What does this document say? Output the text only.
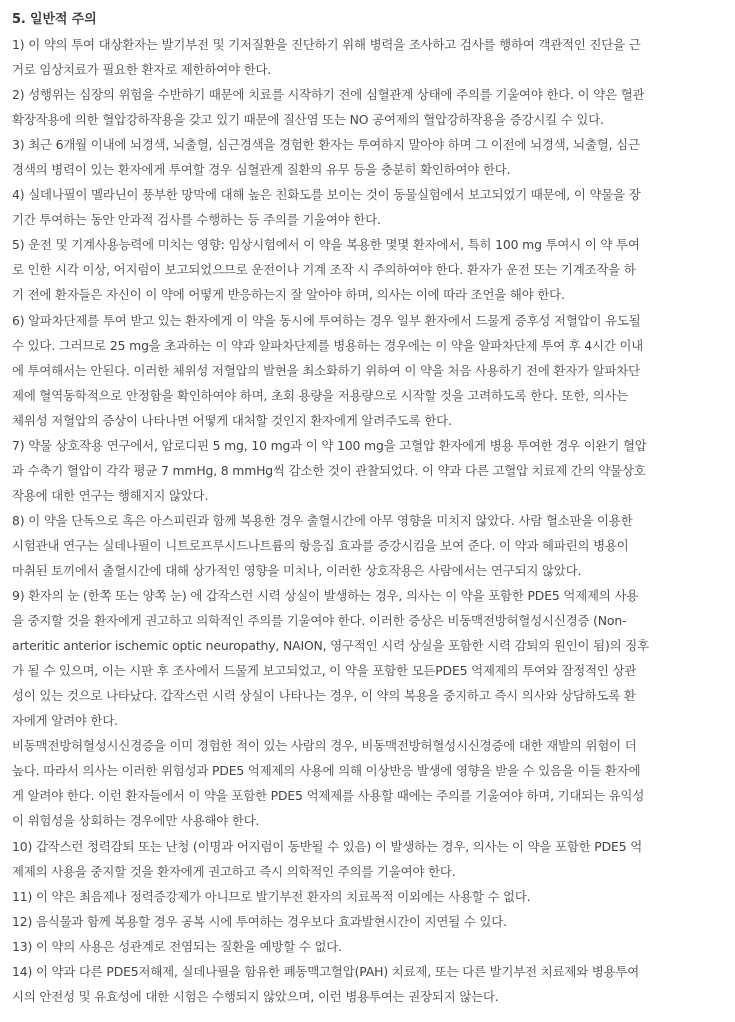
5. 일반적 주의
1) 이 약의 투여 대상환자는 발기부전 및 기저질환을 진단하기 위해 병력을 조사하고 검사를 행하여 객관적인 진단을 근
거로 임상치료가 필요한 환자로 제한하여야 한다.
2) 성행위는 심장의 위험을 수반하기 때문에 치료를 시작하기 전에 심혈관계 상태에 주의를 기울여야 한다. 이 약은 혈관
확장작용에 의한 혈압강하작용을 갖고 있기 때문에 질산염 또는 NO 공여제의 혈압강하작용을 증강시킬 수 있다.
3) 최근 6개월 이내에 뇌경색, 뇌출혈, 심근경색을 경험한 환자는 투여하지 말아야 하며 그 이전에 뇌경색, 뇌출혈, 심근
경색의 병력이 있는 환자에게 투여할 경우 심혈관계 질환의 유무 등을 충분히 확인하여야 한다.
4) 실데나필이 멜라닌이 풍부한 망막에 대해 높은 친화도를 보이는 것이 동물실험에서 보고되었기 때문에, 이 약물을 장
기간 투여하는 동안 안과적 검사를 수행하는 등 주의를 기울여야 한다.
5) 운전 및 기계사용능력에 미치는 영향: 임상시험에서 이 약을 복용한 몇몇 환자에서, 특히 100 mg 투여시 이 약 투여
로 인한 시각 이상, 어지럼이 보고되었으므로 운전이나 기계 조작 시 주의하여야 한다. 환자가 운전 또는 기계조작을 하
기 전에 환자들은 자신이 이 약에 어떻게 반응하는지 잘 알아야 하며, 의사는 이에 따라 조언을 해야 한다.
6) 알파차단제를 투여 받고 있는 환자에게 이 약을 동시에 투여하는 경우 일부 환자에서 드물게 증후성 저혈압이 유도될
수 있다. 그러므로 25 mg을 초과하는 이 약과 알파차단제를 병용하는 경우에는 이 약을 알파차단제 투여 후 4시간 이내
에 투여해서는 안된다. 이러한 체위성 저혈압의 발현을 최소화하기 위하여 이 약을 처음 사용하기 전에 환자가 알파차단
제에 혈역동학적으로 안정함을 확인하여야 하며, 초회 용량을 저용량으로 시작할 것을 고려하도록 한다. 또한, 의사는
체위성 저혈압의 증상이 나타나면 어떻게 대처할 것인지 환자에게 알려주도록 한다.
7) 약물 상호작용 연구에서, 암로디핀 5 mg, 10 mg과 이 약 100 mg을 고혈압 환자에게 병용 투여한 경우 이완기 혈압
과 수축기 혈압이 각각 평균 7 mmHg, 8 mmHg씩 감소한 것이 관찰되었다. 이 약과 다른 고혈압 치료제 간의 약물상호
작용에 대한 연구는 행해지지 않았다.
8) 이 약을 단독으로 혹은 아스피린과 함께 복용한 경우 출혈시간에 아무 영향을 미치지 않았다. 사람 혈소판을 이용한
시험관내 연구는 실데나필이 니트로프루시드나트륨의 항응집 효과를 증강시킴을 보여 준다. 이 약과 헤파린의 병용이
마취된 토끼에서 출혈시간에 대해 상가적인 영향을 미치나, 이러한 상호작용은 사람에서는 연구되지 않았다.
9) 환자의 눈 (한쪽 또는 양쪽 눈) 에 갑작스런 시력 상실이 발생하는 경우, 의사는 이 약을 포함한 PDE5 억제제의 사용
을 중지할 것을 환자에게 권고하고 의학적인 주의를 기울여야 한다. 이러한 증상은 비동맥전방허혈성시신경증 (Non-
arteritic anterior ischemic optic neuropathy, NAION, 영구적인 시력 상실을 포함한 시력 감퇴의 원인이 됨)의 징후
가 될 수 있으며, 이는 시판 후 조사에서 드물게 보고되었고, 이 약을 포함한 모든PDE5 억제제의 투여와 잠정적인 상관
성이 있는 것으로 나타났다. 갑작스런 시력 상실이 나타나는 경우, 이 약의 복용을 중지하고 즉시 의사와 상담하도록 환
자에게 알려야 한다.
비동맥전방허혈성시신경증을 이미 경험한 적이 있는 사람의 경우, 비동맥전방허혈성시신경증에 대한 재발의 위험이 더
높다. 따라서 의사는 이러한 위험성과 PDE5 억제제의 사용에 의해 이상반응 발생에 영향을 받을 수 있음을 이들 환자에
게 알려야 한다. 이런 환자들에서 이 약을 포함한 PDE5 억제제를 사용할 때에는 주의를 기울여야 하며, 기대되는 유익성
이 위험성을 상회하는 경우에만 사용해야 한다.
10) 갑작스런 청력감퇴 또는 난청 (이명과 어지럼이 동반될 수 있음) 이 발생하는 경우, 의사는 이 약을 포함한 PDE5 억
제제의 사용을 중지할 것을 환자에게 권고하고 즉시 의학적인 주의를 기울여야 한다.
11) 이 약은 최음제나 정력증강제가 아니므로 발기부전 환자의 치료목적 이외에는 사용할 수 없다.
12) 음식물과 함께 복용할 경우 공복 시에 투여하는 경우보다 효과발현시간이 지연될 수 있다.
13) 이 약의 사용은 성관계로 전염되는 질환을 예방할 수 없다.
14) 이 약과 다른 PDE5저해제, 실데나필을 함유한 폐동맥고혈압(PAH) 치료제, 또는 다른 발기부전 치료제와 병용투여
시의 안전성 및 유효성에 대한 시험은 수행되지 않았으며, 이런 병용투여는 권장되지 않는다.
